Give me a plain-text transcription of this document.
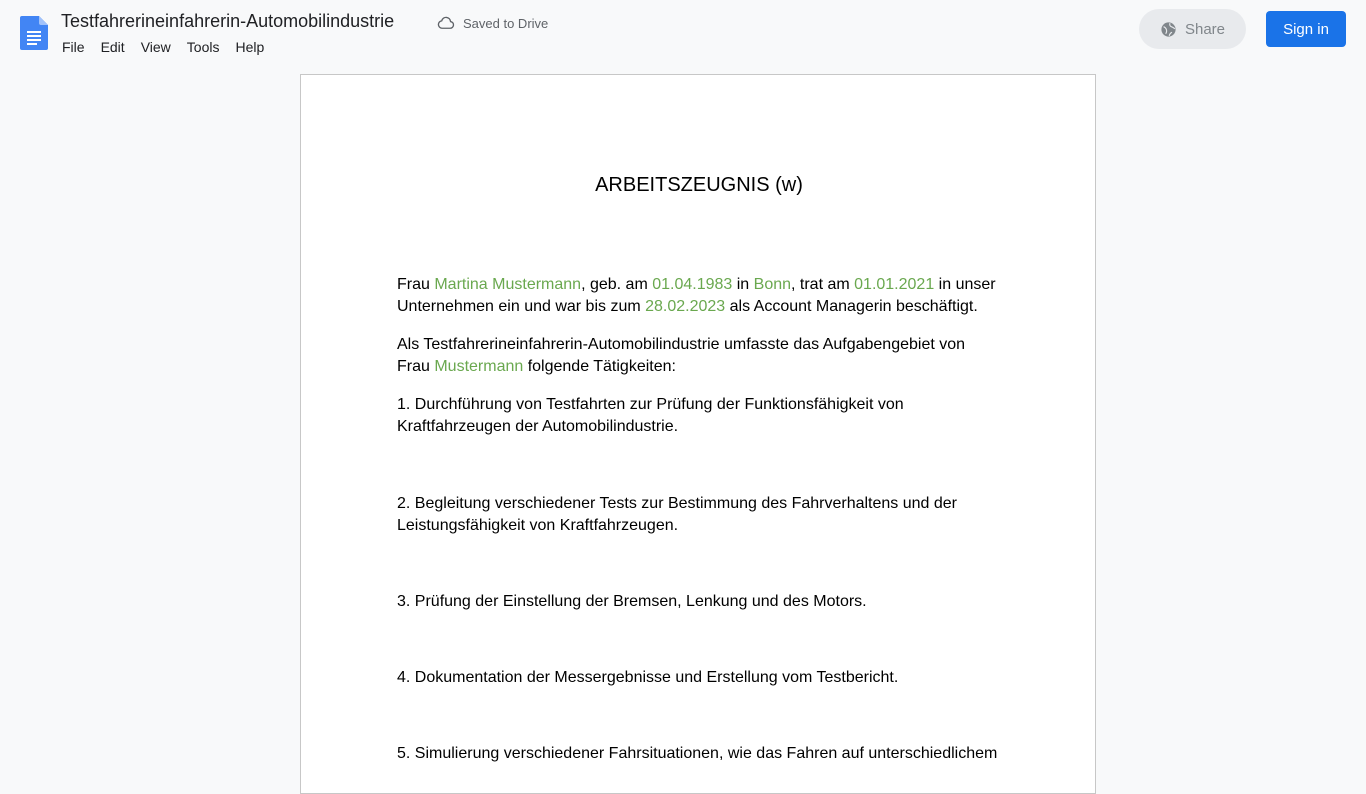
Testfahrerineinfahrerin-Automobilindustrie	Saved to Drive
File	Edit	View	Tools	Help
Share	Sign in
ARBEITSZEUGNIS (w)

Frau Martina Mustermann, geb. am 01.04.1983 in Bonn, trat am 01.01.2021 in unser Unternehmen ein und war bis zum 28.02.2023 als Account Managerin beschäftigt.

Als Testfahrerineinfahrerin-Automobilindustrie umfasste das Aufgabengebiet von Frau Mustermann folgende Tätigkeiten:

1. Durchführung von Testfahrten zur Prüfung der Funktionsfähigkeit von Kraftfahrzeugen der Automobilindustrie.

2. Begleitung verschiedener Tests zur Bestimmung des Fahrverhaltens und der Leistungsfähigkeit von Kraftfahrzeugen.

3. Prüfung der Einstellung der Bremsen, Lenkung und des Motors.

4. Dokumentation der Messergebnisse und Erstellung vom Testbericht.

5. Simulierung verschiedener Fahrsituationen, wie das Fahren auf unterschiedlichem
